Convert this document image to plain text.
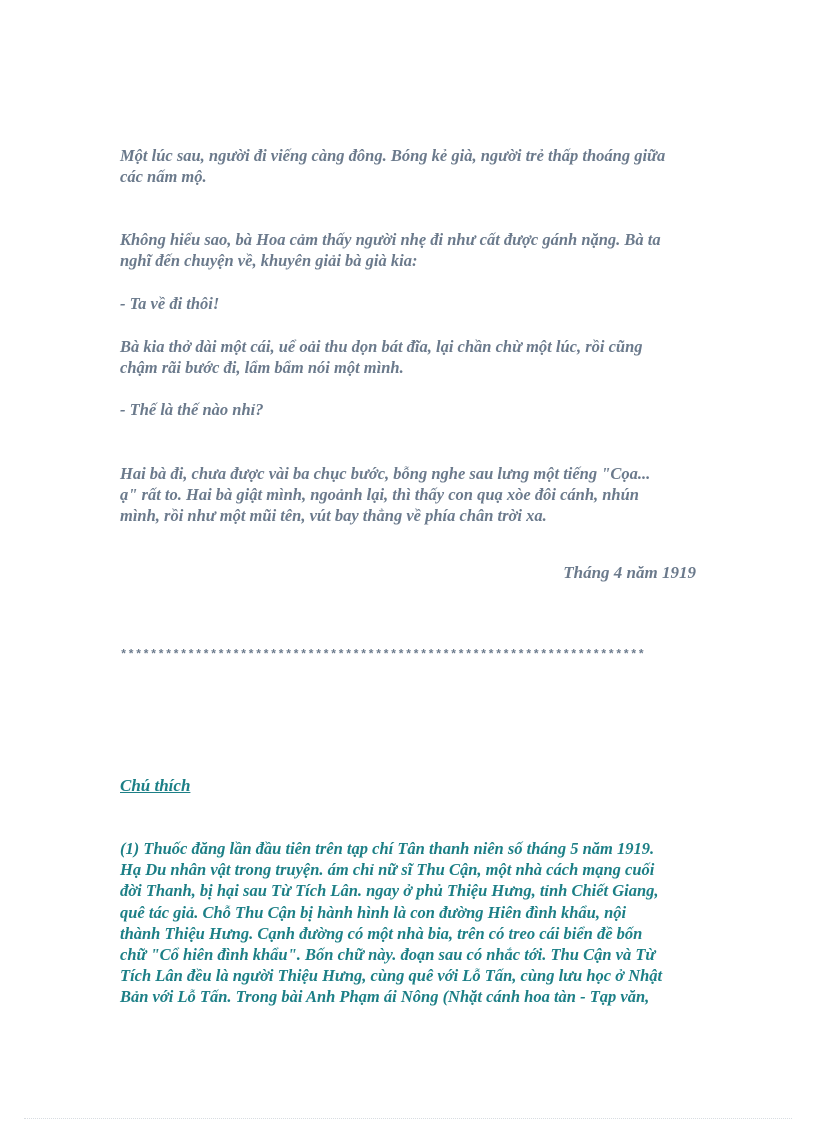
Một lúc sau, người đi viếng càng đông. Bóng kẻ già, người trẻ thấp thoáng giữa
các nấm mộ.

Không hiểu sao, bà Hoa cảm thấy người nhẹ đi như cất được gánh nặng. Bà ta
nghĩ đến chuyện về, khuyên giải bà già kia:

- Ta về đi thôi!

Bà kia thở dài một cái, uể oải thu dọn bát đĩa, lại chần chừ một lúc, rồi cũng
chậm rãi bước đi, lẩm bẩm nói một mình.

- Thế là thế nào nhỉ?

Hai bà đi, chưa được vài ba chục bước, bỗng nghe sau lưng một tiếng "Cọa...
ạ" rất to. Hai bà giật mình, ngoảnh lại, thì thấy con quạ xòe đôi cánh, nhún
mình, rồi như một mũi tên, vút bay thẳng về phía chân trời xa.

Tháng 4 năm 1919
**********************************************************************
Chú thích

(1) Thuốc đăng lần đầu tiên trên tạp chí Tân thanh niên số tháng 5 năm 1919.
Hạ Du nhân vật trong truyện. ám chỉ nữ sĩ Thu Cận, một nhà cách mạng cuối
đời Thanh, bị hại sau Từ Tích Lân. ngay ở phủ Thiệu Hưng, tỉnh Chiết Giang,
quê tác giả. Chỗ Thu Cận bị hành hình là con đường Hiên đình khẩu, nội
thành Thiệu Hưng. Cạnh đường có một nhà bia, trên có treo cái biển đề bốn
chữ "Cổ hiên đình khẩu". Bốn chữ này. đoạn sau có nhắc tới. Thu Cận và Từ
Tích Lân đều là người Thiệu Hưng, cùng quê với Lỗ Tấn, cùng lưu học ở Nhật
Bản với Lỗ Tấn. Trong bài Anh Phạm ái Nông (Nhặt cánh hoa tàn - Tạp văn,
